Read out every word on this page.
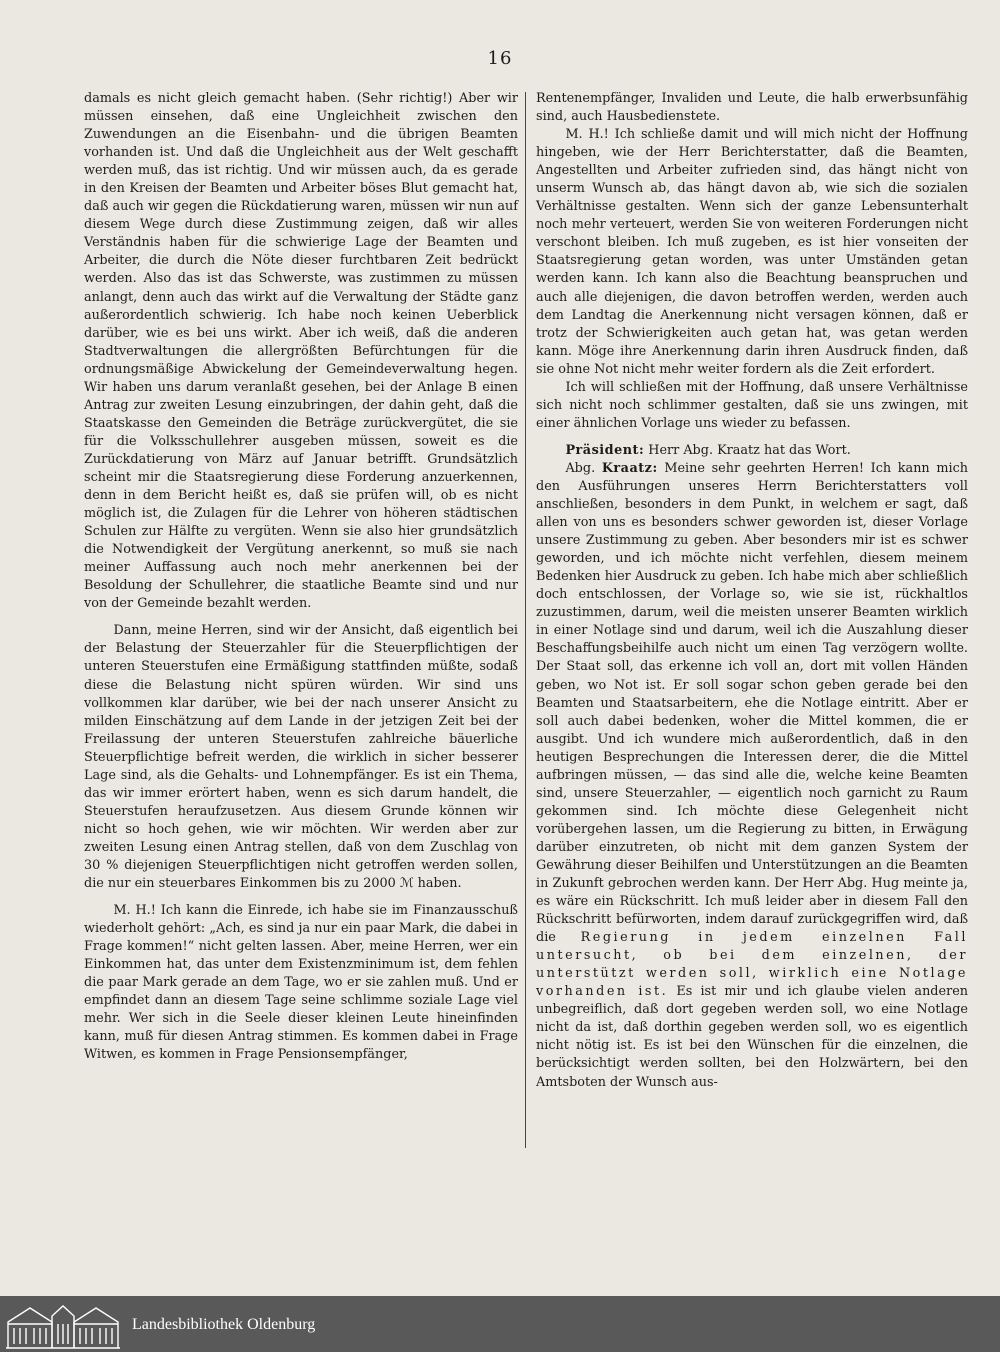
16

damals es nicht gleich gemacht haben. (Sehr richtig!) Aber wir müssen einsehen, daß eine Ungleichheit zwischen den Zuwendungen an die Eisenbahn- und die übrigen Beamten vorhanden ist. Und daß die Ungleichheit aus der Welt geschafft werden muß, das ist richtig. Und wir müssen auch, da es gerade in den Kreisen der Beamten und Arbeiter böses Blut gemacht hat, daß auch wir gegen die Rückdatierung waren, müssen wir nun auf diesem Wege durch diese Zustimmung zeigen, daß wir alles Verständnis haben für die schwierige Lage der Beamten und Arbeiter, die durch die Nöte dieser furchtbaren Zeit bedrückt werden. Also das ist das Schwerste, was zustimmen zu müssen anlangt, denn auch das wirkt auf die Verwaltung der Städte ganz außerordentlich schwierig. Ich habe noch keinen Ueberblick darüber, wie es bei uns wirkt. Aber ich weiß, daß die anderen Stadtverwaltungen die allergrößten Befürchtungen für die ordnungsmäßige Abwickelung der Gemeindeverwaltung hegen. Wir haben uns darum veranlaßt gesehen, bei der Anlage B einen Antrag zur zweiten Lesung einzubringen, der dahin geht, daß die Staatskasse den Gemeinden die Beträge zurückvergütet, die sie für die Volksschullehrer ausgeben müssen, soweit es die Zurückdatierung von März auf Januar betrifft. Grundsätzlich scheint mir die Staatsregierung diese Forderung anzuerkennen, denn in dem Bericht heißt es, daß sie prüfen will, ob es nicht möglich ist, die Zulagen für die Lehrer von höheren städtischen Schulen zur Hälfte zu vergüten. Wenn sie also hier grundsätzlich die Notwendigkeit der Vergütung anerkennt, so muß sie nach meiner Auffassung auch noch mehr anerkennen bei der Besoldung der Schullehrer, die staatliche Beamte sind und nur von der Gemeinde bezahlt werden.

Dann, meine Herren, sind wir der Ansicht, daß eigentlich bei der Belastung der Steuerzahler für die Steuerpflichtigen der unteren Steuerstufen eine Ermäßigung stattfinden müßte, sodaß diese die Belastung nicht spüren würden. Wir sind uns vollkommen klar darüber, wie bei der nach unserer Ansicht zu milden Einschätzung auf dem Lande in der jetzigen Zeit bei der Freilassung der unteren Steuerstufen zahlreiche bäuerliche Steuerpflichtige befreit werden, die wirklich in sicher besserer Lage sind, als die Gehalts- und Lohnempfänger. Es ist ein Thema, das wir immer erörtert haben, wenn es sich darum handelt, die Steuerstufen heraufzusetzen. Aus diesem Grunde können wir nicht so hoch gehen, wie wir möchten. Wir werden aber zur zweiten Lesung einen Antrag stellen, daß von dem Zuschlag von 30 % diejenigen Steuerpflichtigen nicht getroffen werden sollen, die nur ein steuerbares Einkommen bis zu 2000 ℳ haben.

M. H.! Ich kann die Einrede, ich habe sie im Finanzausschuß wiederholt gehört: „Ach, es sind ja nur ein paar Mark, die dabei in Frage kommen!“ nicht gelten lassen. Aber, meine Herren, wer ein Einkommen hat, das unter dem Existenzminimum ist, dem fehlen die paar Mark gerade an dem Tage, wo er sie zahlen muß. Und er empfindet dann an diesem Tage seine schlimme soziale Lage viel mehr. Wer sich in die Seele dieser kleinen Leute hineinfinden kann, muß für diesen Antrag stimmen. Es kommen dabei in Frage Witwen, es kommen in Frage Pensionsempfänger,

Rentenempfänger, Invaliden und Leute, die halb erwerbsunfähig sind, auch Hausbedienstete.

M. H.! Ich schließe damit und will mich nicht der Hoffnung hingeben, wie der Herr Berichterstatter, daß die Beamten, Angestellten und Arbeiter zufrieden sind, das hängt nicht von unserm Wunsch ab, das hängt davon ab, wie sich die sozialen Verhältnisse gestalten. Wenn sich der ganze Lebensunterhalt noch mehr verteuert, werden Sie von weiteren Forderungen nicht verschont bleiben. Ich muß zugeben, es ist hier vonseiten der Staatsregierung getan worden, was unter Umständen getan werden kann. Ich kann also die Beachtung beanspruchen und auch alle diejenigen, die davon betroffen werden, werden auch dem Landtag die Anerkennung nicht versagen können, daß er trotz der Schwierigkeiten auch getan hat, was getan werden kann. Möge ihre Anerkennung darin ihren Ausdruck finden, daß sie ohne Not nicht mehr weiter fordern als die Zeit erfordert.

Ich will schließen mit der Hoffnung, daß unsere Verhältnisse sich nicht noch schlimmer gestalten, daß sie uns zwingen, mit einer ähnlichen Vorlage uns wieder zu befassen.

Präsident: Herr Abg. Kraatz hat das Wort.

Abg. Kraatz: Meine sehr geehrten Herren! Ich kann mich den Ausführungen unseres Herrn Berichterstatters voll anschließen, besonders in dem Punkt, in welchem er sagt, daß allen von uns es besonders schwer geworden ist, dieser Vorlage unsere Zustimmung zu geben. Aber besonders mir ist es schwer geworden, und ich möchte nicht verfehlen, diesem meinem Bedenken hier Ausdruck zu geben. Ich habe mich aber schließlich doch entschlossen, der Vorlage so, wie sie ist, rückhaltlos zuzustimmen, darum, weil die meisten unserer Beamten wirklich in einer Notlage sind und darum, weil ich die Auszahlung dieser Beschaffungsbeihilfe auch nicht um einen Tag verzögern wollte. Der Staat soll, das erkenne ich voll an, dort mit vollen Händen geben, wo Not ist. Er soll sogar schon geben gerade bei den Beamten und Staatsarbeitern, ehe die Notlage eintritt. Aber er soll auch dabei bedenken, woher die Mittel kommen, die er ausgibt. Und ich wundere mich außerordentlich, daß in den heutigen Besprechungen die Interessen derer, die die Mittel aufbringen müssen, — das sind alle die, welche keine Beamten sind, unsere Steuerzahler, — eigentlich noch garnicht zu Raum gekommen sind. Ich möchte diese Gelegenheit nicht vorübergehen lassen, um die Regierung zu bitten, in Erwägung darüber einzutreten, ob nicht mit dem ganzen System der Gewährung dieser Beihilfen und Unterstützungen an die Beamten in Zukunft gebrochen werden kann. Der Herr Abg. Hug meinte ja, es wäre ein Rückschritt. Ich muß leider aber in diesem Fall den Rückschritt befürworten, indem darauf zurückgegriffen wird, daß die Regierung in jedem einzelnen Fall untersucht, ob bei dem einzelnen, der unterstützt werden soll, wirklich eine Notlage vorhanden ist. Es ist mir und ich glaube vielen anderen unbegreiflich, daß dort gegeben werden soll, wo eine Notlage nicht da ist, daß dorthin gegeben werden soll, wo es eigentlich nicht nötig ist. Es ist bei den Wünschen für die einzelnen, die berücksichtigt werden sollten, bei den Holzwärtern, bei den Amtsboten der Wunsch aus-

Landesbibliothek Oldenburg
